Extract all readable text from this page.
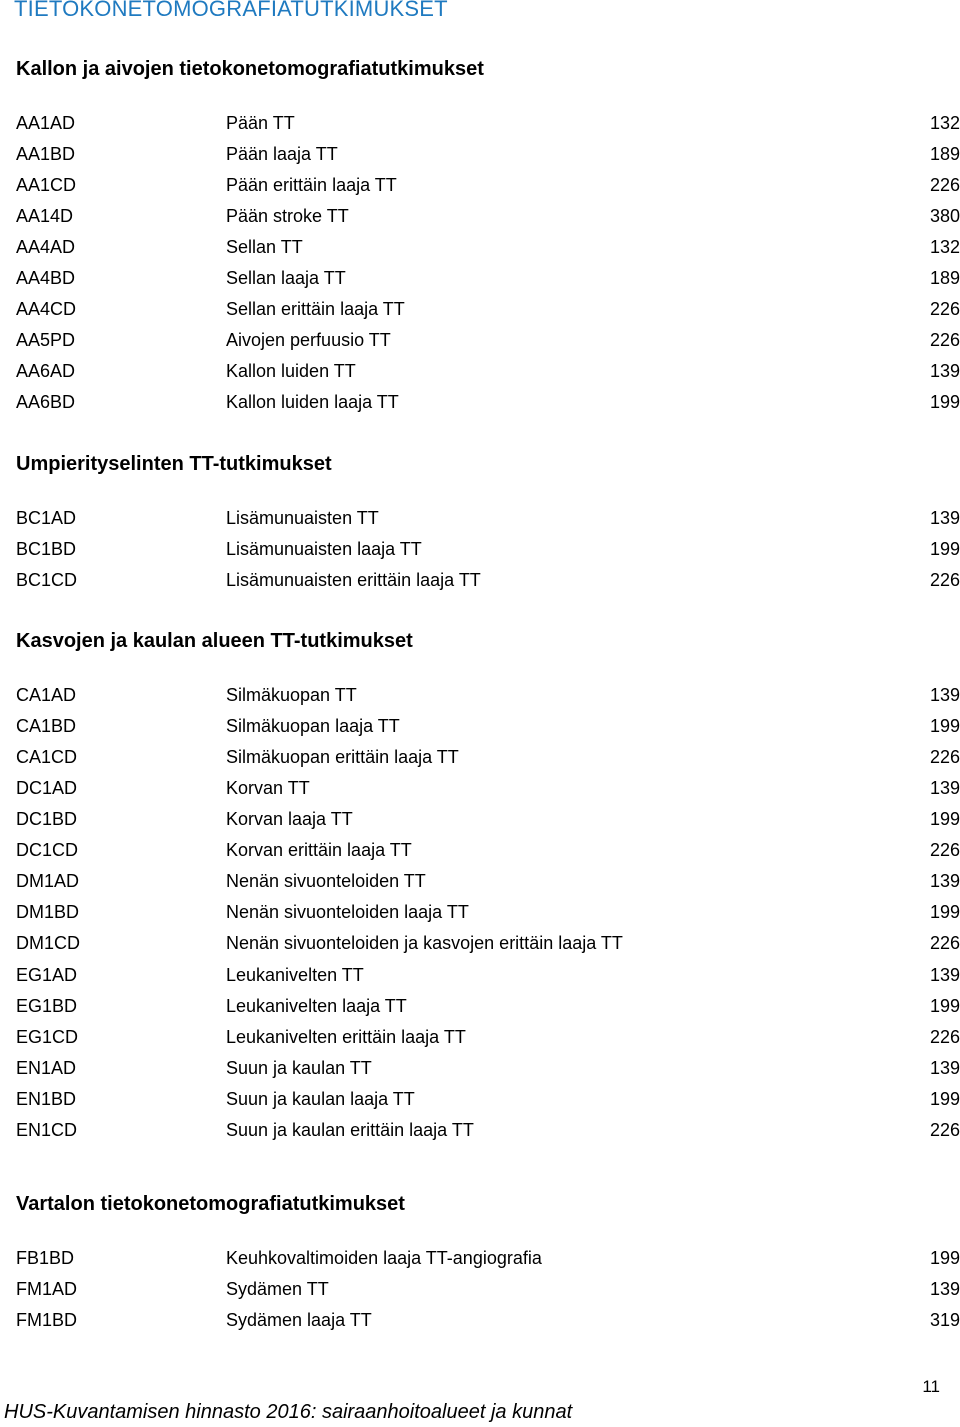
TIETOKONETOMOGRAFIATUTKIMUKSET
Kallon ja aivojen tietokonetomografiatutkimukset
AA1AD	Pään TT	132
AA1BD	Pään laaja TT	189
AA1CD	Pään erittäin laaja TT	226
AA14D	Pään stroke TT	380
AA4AD	Sellan TT	132
AA4BD	Sellan laaja TT	189
AA4CD	Sellan erittäin laaja TT	226
AA5PD	Aivojen perfuusio TT	226
AA6AD	Kallon luiden TT	139
AA6BD	Kallon luiden laaja TT	199
Umpierityselinten TT-tutkimukset
BC1AD	Lisämunuaisten TT	139
BC1BD	Lisämunuaisten laaja TT	199
BC1CD	Lisämunuaisten erittäin laaja TT	226
Kasvojen ja kaulan alueen TT-tutkimukset
CA1AD	Silmäkuopan TT	139
CA1BD	Silmäkuopan laaja TT	199
CA1CD	Silmäkuopan erittäin laaja TT	226
DC1AD	Korvan TT	139
DC1BD	Korvan laaja TT	199
DC1CD	Korvan erittäin laaja TT	226
DM1AD	Nenän sivuonteloiden TT	139
DM1BD	Nenän sivuonteloiden laaja TT	199
DM1CD	Nenän sivuonteloiden ja kasvojen erittäin laaja TT	226
EG1AD	Leukanivelten TT	139
EG1BD	Leukanivelten laaja TT	199
EG1CD	Leukanivelten erittäin laaja TT	226
EN1AD	Suun ja kaulan TT	139
EN1BD	Suun ja kaulan laaja TT	199
EN1CD	Suun ja kaulan erittäin laaja TT	226
Vartalon tietokonetomografiatutkimukset
FB1BD	Keuhkovaltimoiden laaja TT-angiografia	199
FM1AD	Sydämen TT	139
FM1BD	Sydämen laaja TT	319
11
HUS-Kuvantamisen hinnasto 2016: sairaanhoitoalueet ja kunnat
